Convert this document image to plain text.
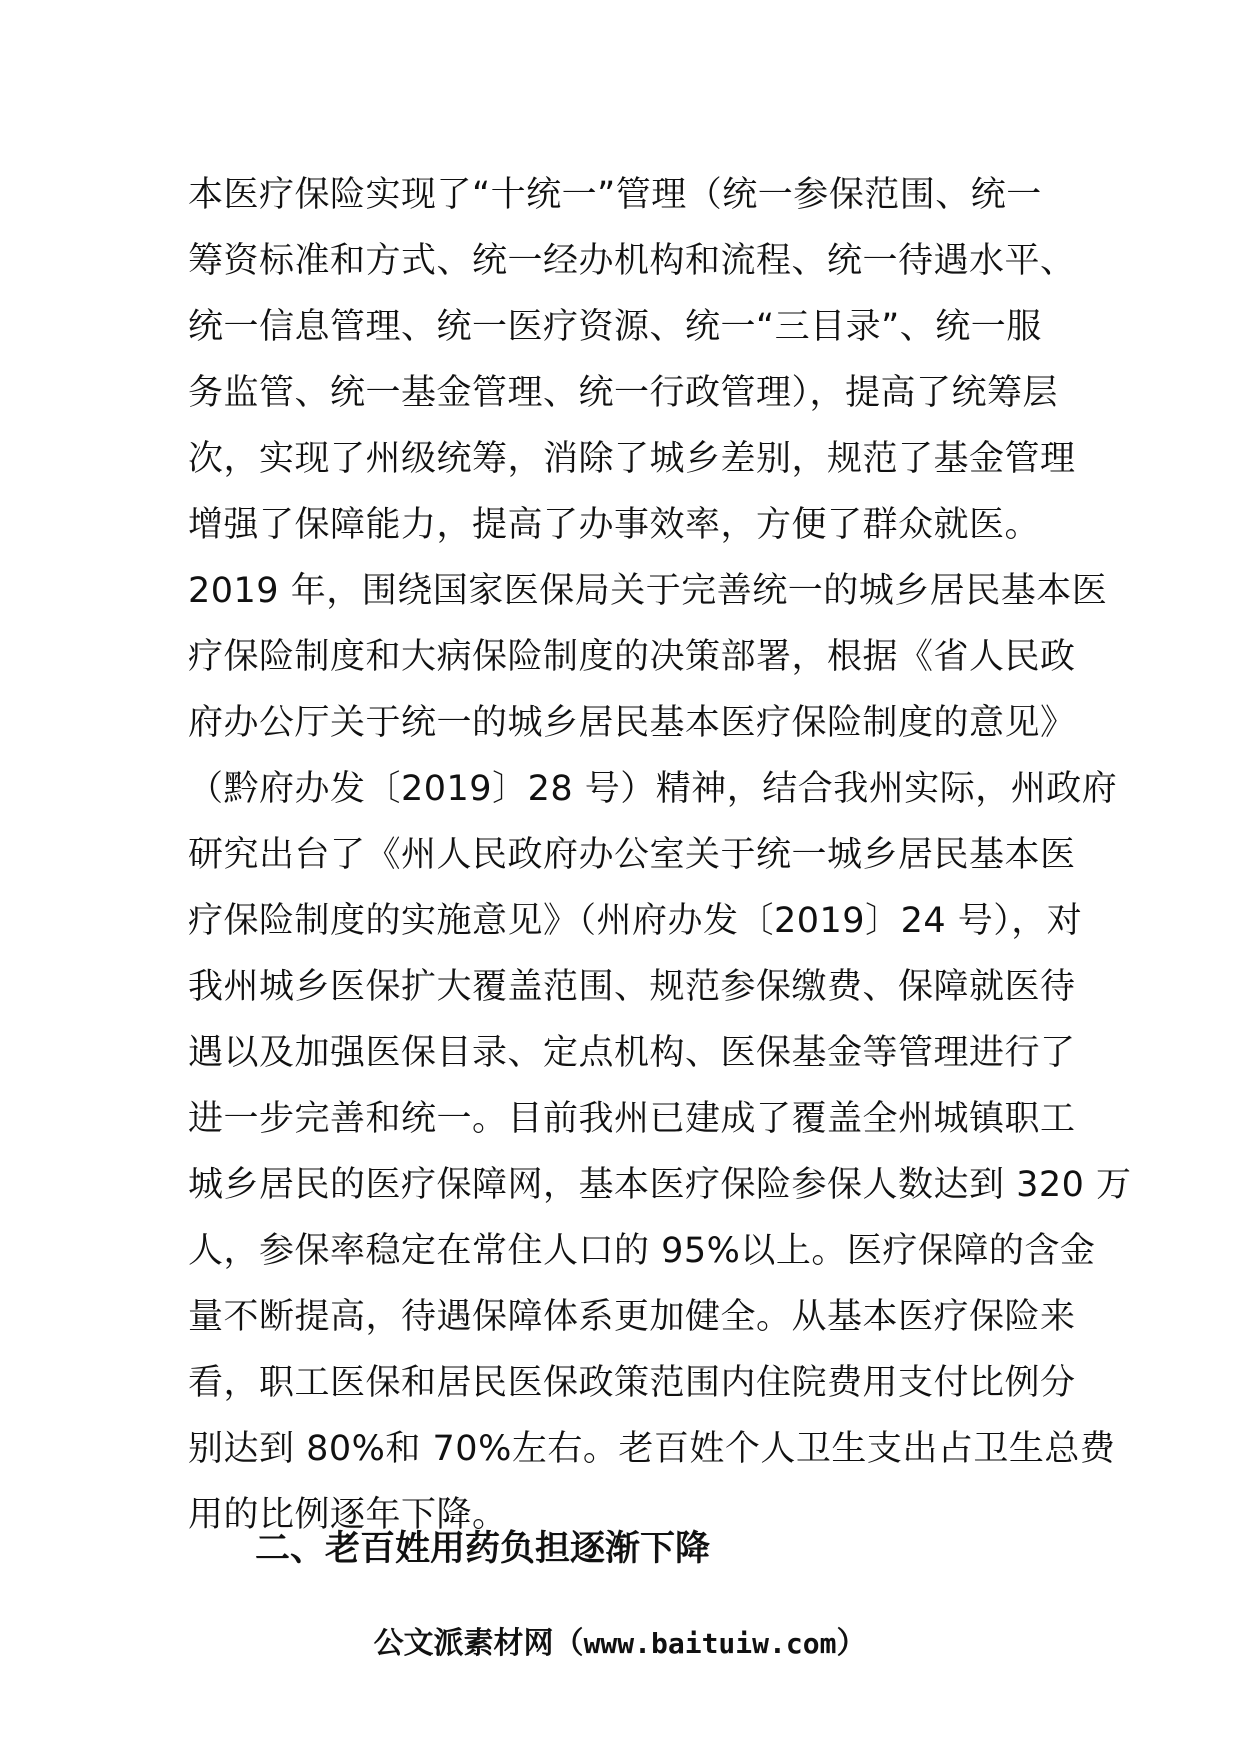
本医疗保险实现了“十统一”管理（统一参保范围、统一
筹资标准和方式、统一经办机构和流程、统一待遇水平、
统一信息管理、统一医疗资源、统一“三目录”、统一服
务监管、统一基金管理、统一行政管理），提高了统筹层
次，实现了州级统筹，消除了城乡差别，规范了基金管理
增强了保障能力，提高了办事效率，方便了群众就医。
2019 年，围绕国家医保局关于完善统一的城乡居民基本医
疗保险制度和大病保险制度的决策部署，根据《省人民政
府办公厅关于统一的城乡居民基本医疗保险制度的意见》
（黔府办发〔2019〕28 号）精神，结合我州实际，州政府
研究出台了《州人民政府办公室关于统一城乡居民基本医
疗保险制度的实施意见》（州府办发〔2019〕24 号），对
我州城乡医保扩大覆盖范围、规范参保缴费、保障就医待
遇以及加强医保目录、定点机构、医保基金等管理进行了
进一步完善和统一。目前我州已建成了覆盖全州城镇职工
城乡居民的医疗保障网，基本医疗保险参保人数达到 320 万
人，参保率稳定在常住人口的 95%以上。医疗保障的含金
量不断提高，待遇保障体系更加健全。从基本医疗保险来
看，职工医保和居民医保政策范围内住院费用支付比例分
别达到 80%和 70%左右。老百姓个人卫生支出占卫生总费
用的比例逐年下降。
二、老百姓用药负担逐渐下降
公文派素材网（www.baituiw.com）
